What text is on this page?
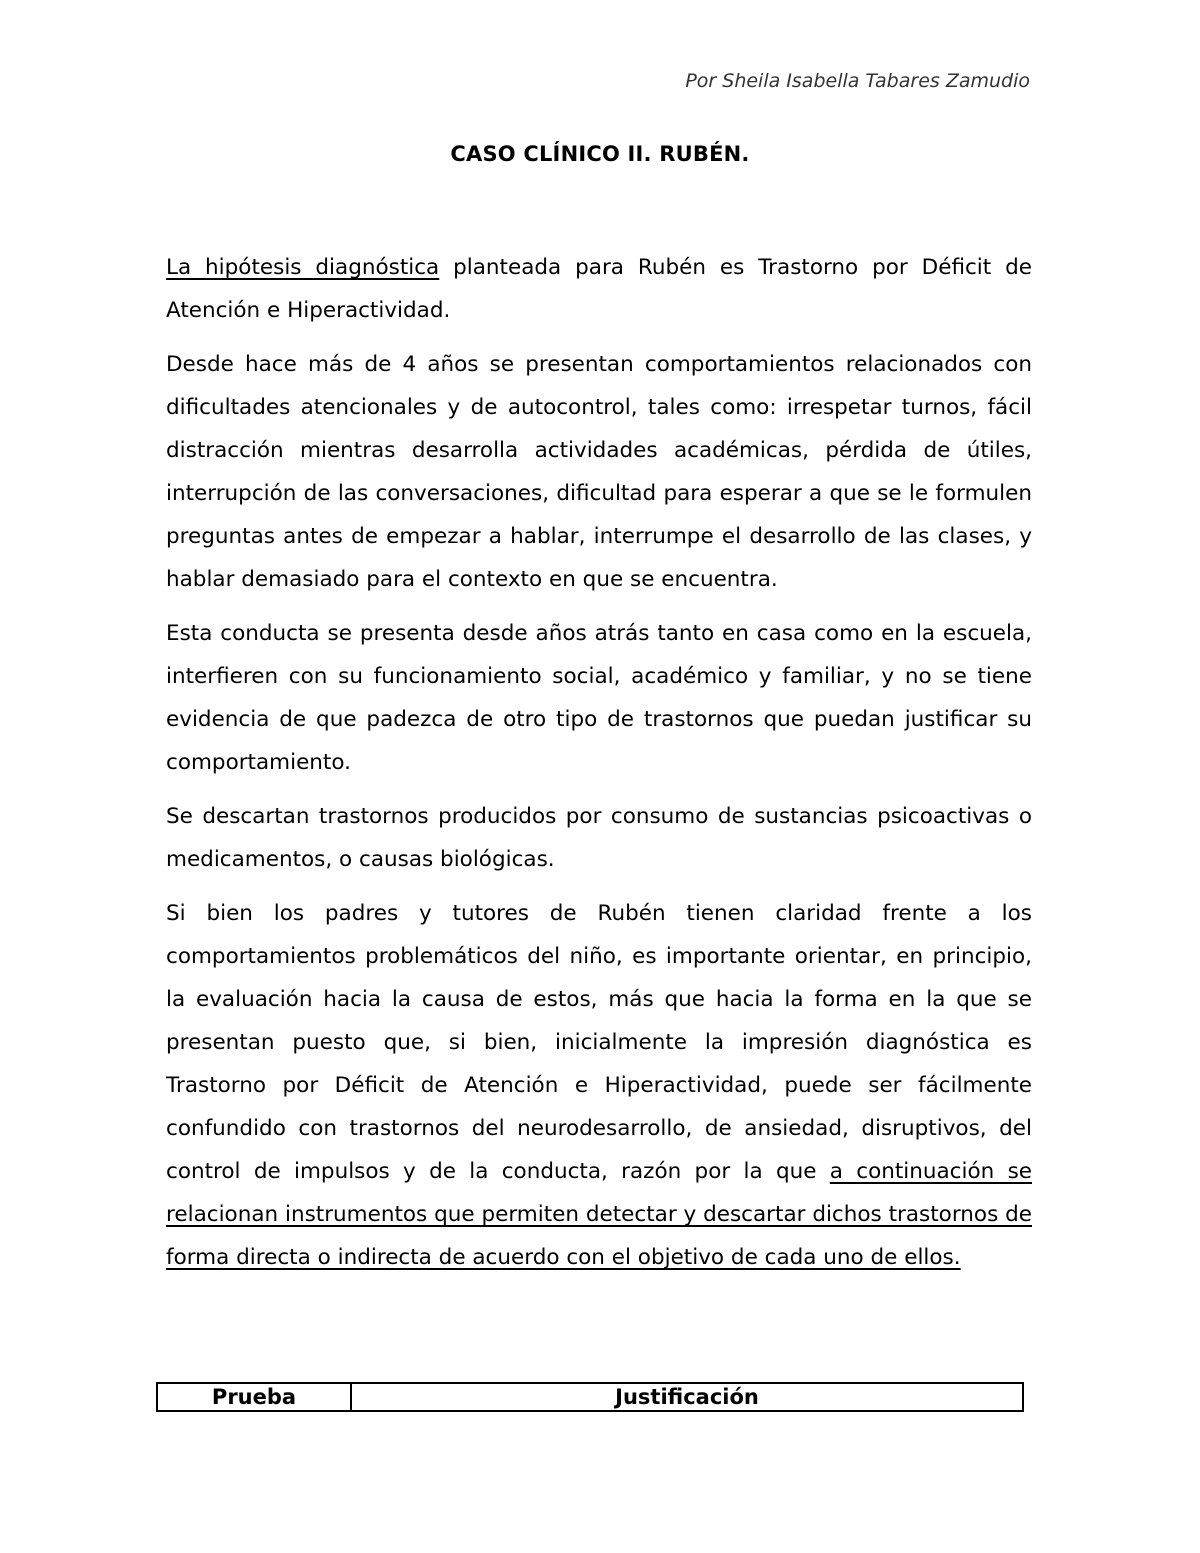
Por Sheila Isabella Tabares Zamudio
CASO CLÍNICO II. RUBÉN.

La hipótesis diagnóstica planteada para Rubén es Trastorno por Déficit de Atención e Hiperactividad.

Desde hace más de 4 años se presentan comportamientos relacionados con dificultades atencionales y de autocontrol, tales como: irrespetar turnos, fácil distracción mientras desarrolla actividades académicas, pérdida de útiles, interrupción de las conversaciones, dificultad para esperar a que se le formulen preguntas antes de empezar a hablar, interrumpe el desarrollo de las clases, y hablar demasiado para el contexto en que se encuentra.

Esta conducta se presenta desde años atrás tanto en casa como en la escuela, interfieren con su funcionamiento social, académico y familiar, y no se tiene evidencia de que padezca de otro tipo de trastornos que puedan justificar su comportamiento.

Se descartan trastornos producidos por consumo de sustancias psicoactivas o medicamentos, o causas biológicas.

Si bien los padres y tutores de Rubén tienen claridad frente a los comportamientos problemáticos del niño, es importante orientar, en principio, la evaluación hacia la causa de estos, más que hacia la forma en la que se presentan puesto que, si bien, inicialmente la impresión diagnóstica es Trastorno por Déficit de Atención e Hiperactividad, puede ser fácilmente confundido con trastornos del neurodesarrollo, de ansiedad, disruptivos, del control de impulsos y de la conducta, razón por la que a continuación se relacionan instrumentos que permiten detectar y descartar dichos trastornos de forma directa o indirecta de acuerdo con el objetivo de cada uno de ellos.

Prueba	Justificación
